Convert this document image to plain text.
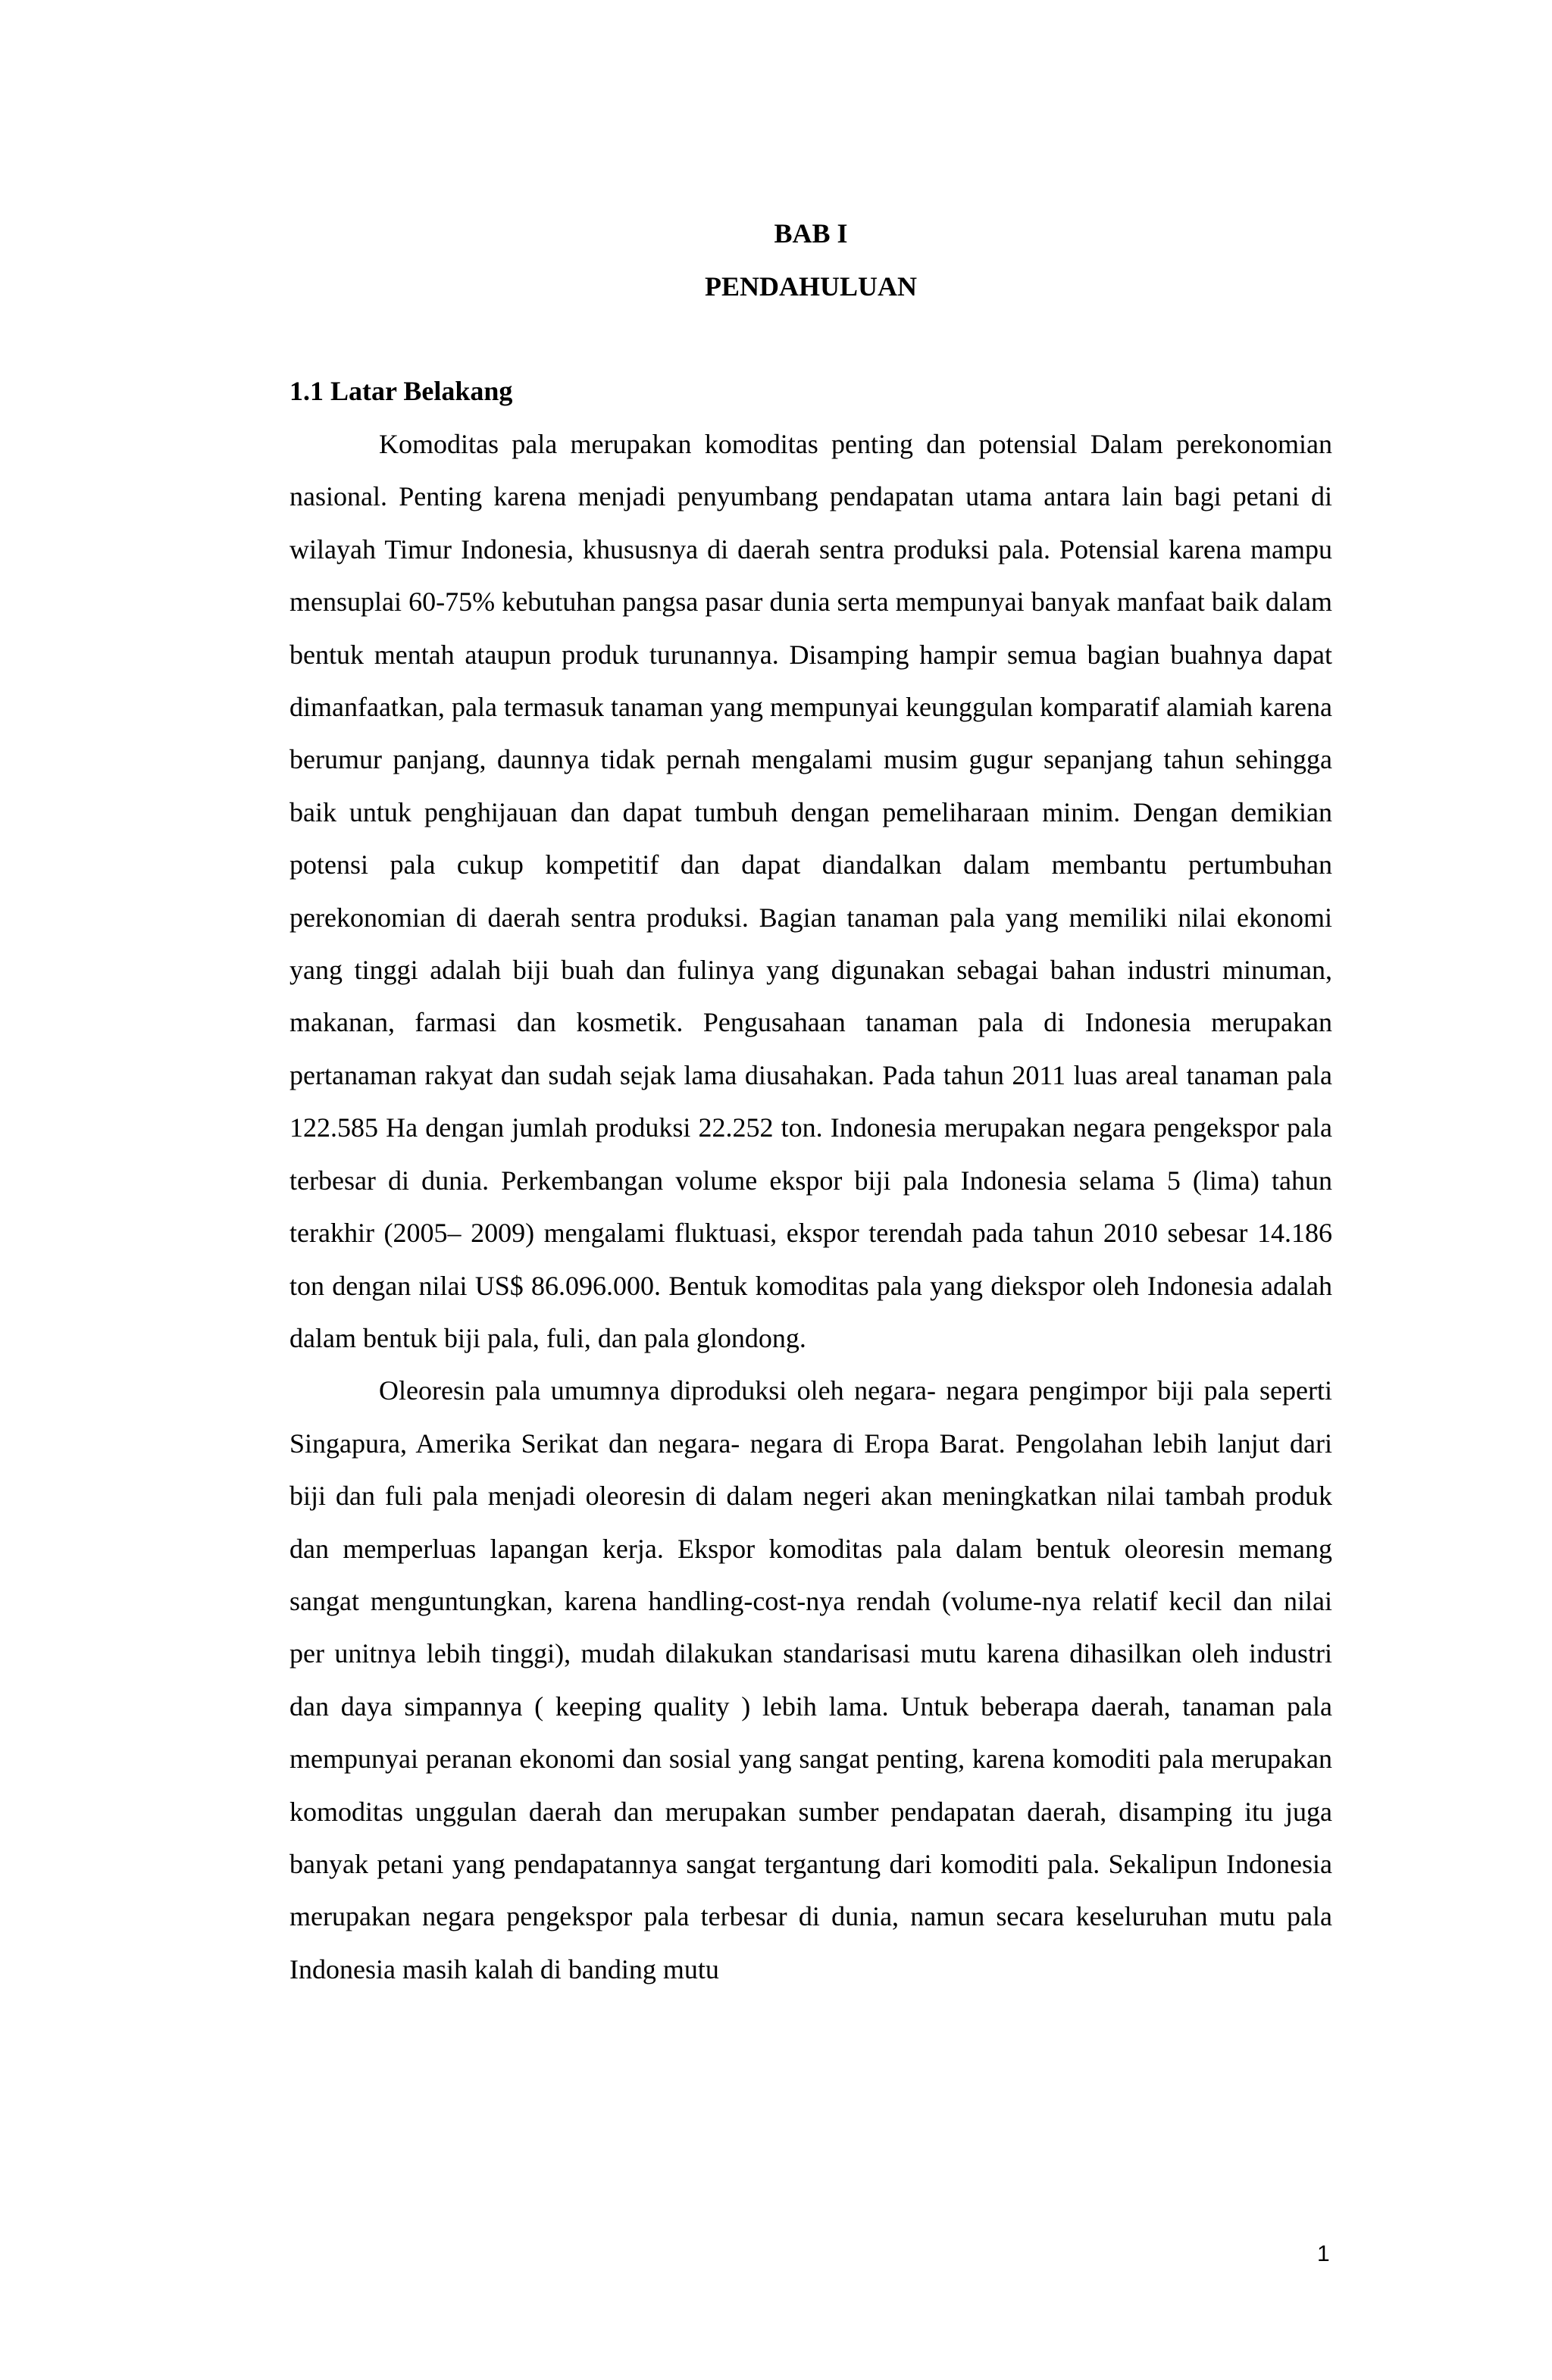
BAB I
PENDAHULUAN
1.1 Latar Belakang

Komoditas pala merupakan komoditas penting dan potensial Dalam perekonomian nasional. Penting karena menjadi penyumbang pendapatan utama antara lain bagi petani di wilayah Timur Indonesia, khususnya di daerah sentra produksi pala. Potensial karena mampu mensuplai 60-75% kebutuhan pangsa pasar dunia serta mempunyai banyak manfaat baik dalam bentuk mentah ataupun produk turunannya. Disamping hampir semua bagian buahnya dapat dimanfaatkan, pala termasuk tanaman yang mempunyai keunggulan komparatif alamiah karena berumur panjang, daunnya tidak pernah mengalami musim gugur sepanjang tahun sehingga baik untuk penghijauan dan dapat tumbuh dengan pemeliharaan minim. Dengan demikian potensi pala cukup kompetitif dan dapat diandalkan dalam membantu pertumbuhan perekonomian di daerah sentra produksi. Bagian tanaman pala yang memiliki nilai ekonomi yang tinggi adalah biji buah dan fulinya yang digunakan sebagai bahan industri minuman, makanan, farmasi dan kosmetik. Pengusahaan tanaman pala di Indonesia merupakan pertanaman rakyat dan sudah sejak lama diusahakan. Pada tahun 2011 luas areal tanaman pala 122.585 Ha dengan jumlah produksi 22.252 ton. Indonesia merupakan negara pengekspor pala terbesar di dunia. Perkembangan volume ekspor biji pala Indonesia selama 5 (lima) tahun terakhir (2005– 2009) mengalami fluktuasi, ekspor terendah pada tahun 2010 sebesar 14.186 ton dengan nilai US$ 86.096.000. Bentuk komoditas pala yang diekspor oleh Indonesia adalah dalam bentuk biji pala, fuli, dan pala glondong.

Oleoresin pala umumnya diproduksi oleh negara- negara pengimpor biji pala seperti Singapura, Amerika Serikat dan negara- negara di Eropa Barat. Pengolahan lebih lanjut dari biji dan fuli pala menjadi oleoresin di dalam negeri akan meningkatkan nilai tambah produk dan memperluas lapangan kerja. Ekspor komoditas pala dalam bentuk oleoresin memang sangat menguntungkan, karena handling-cost-nya rendah (volume-nya relatif kecil dan nilai per unitnya lebih tinggi), mudah dilakukan standarisasi mutu karena dihasilkan oleh industri dan daya simpannya ( keeping quality ) lebih lama. Untuk beberapa daerah, tanaman pala mempunyai peranan ekonomi dan sosial yang sangat penting, karena komoditi pala merupakan komoditas unggulan daerah dan merupakan sumber pendapatan daerah, disamping itu juga banyak petani yang pendapatannya sangat tergantung dari komoditi pala. Sekalipun Indonesia merupakan negara pengekspor pala terbesar di dunia, namun secara keseluruhan mutu pala Indonesia masih kalah di banding mutu

1
